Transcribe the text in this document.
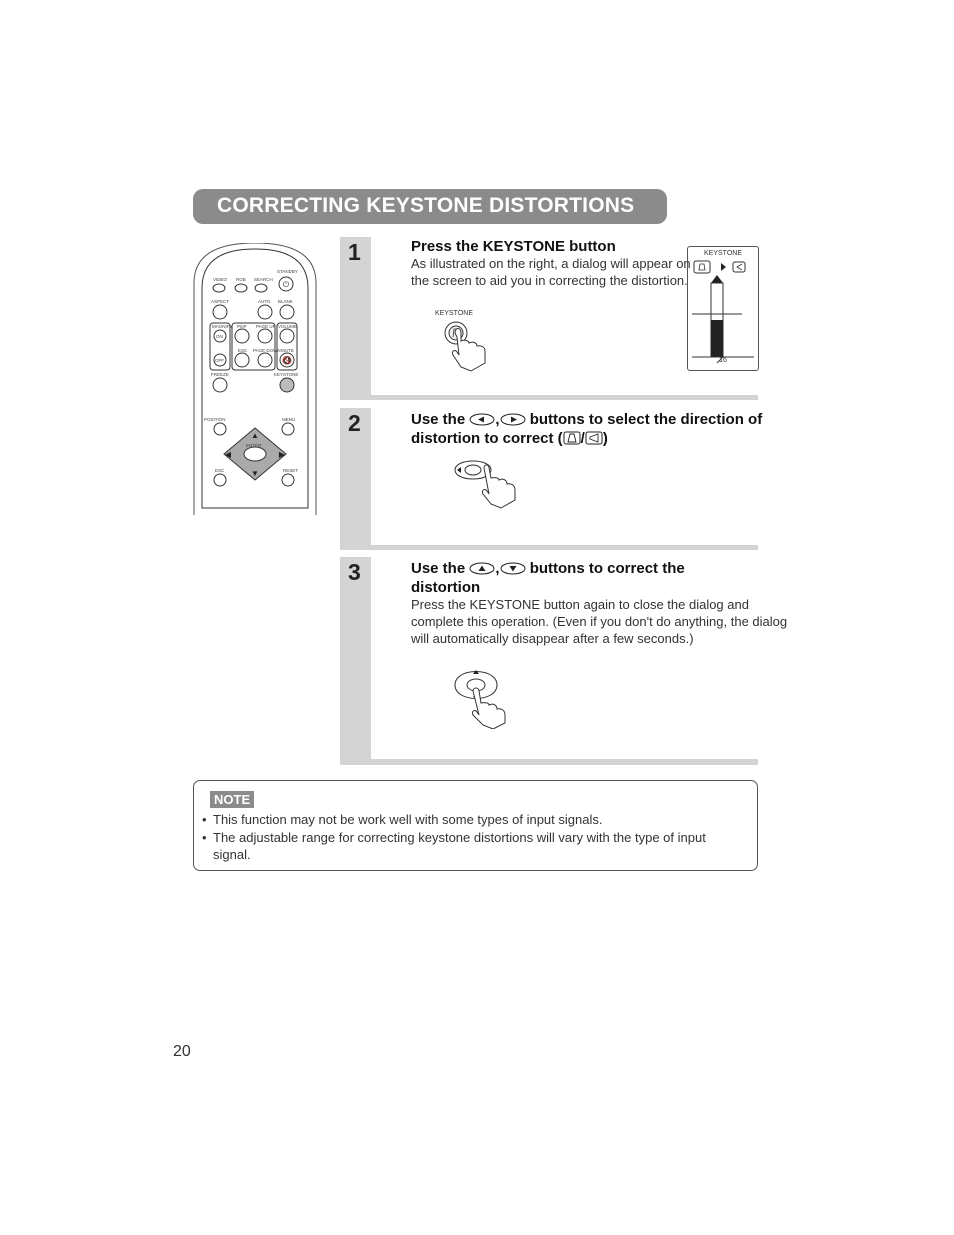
CORRECTING KEYSTONE DISTORTIONS
STANDBY
VIDEO RGB SEARCH
⏻
ASPECT	AUTO BLANK
MAGNIFY PinP PAGE UP VOLUME
ON
ESC PAGE DOWN MUTE
OFF	🔇
FREEZE	KEYSTONE
POSITION	MENU
ENTER
▲
▼
◀	▶
ESC	RESET
1	Press the KEYSTONE button
As illustrated on the right, a dialog will appear on the screen to aid you in correcting the distortion.
KEYSTONE
KEYSTONE
16
2	Use the , buttons to select the direction of distortion to correct ( / )
3	Use the , buttons to correct the distortion
Press the KEYSTONE button again to close the dialog and complete this operation. (Even if you don't do anything, the dialog will automatically disappear after a few seconds.)
NOTE
• This function may not be work well with some types of input signals.
• The adjustable range for correcting keystone distortions will vary with the type of input signal.
20
